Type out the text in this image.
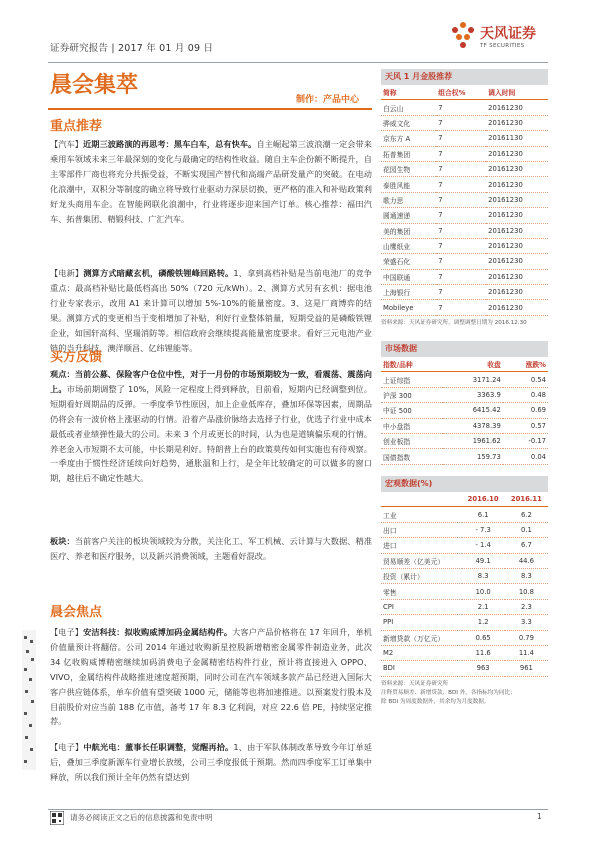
证券研究报告 | 2017 年 01 月 09 日
天风证券
TF SECURITIES
晨会集萃
制作：产品中心
重点推荐
【汽车】近期三波路演的再思考：黑车白车，总有快车。自主崛起第三波浪潮一定会带来乘用车领域未来三年最深刻的变化与最确定的结构性收益。随自主车企份额不断提升，自主零部件厂商也将充分共振受益，不断实现国产替代和高端产品研发量产的突破。在电动化浪潮中，双积分等制度的确立将导致行业驱动力深层切换，更严格的准入和补贴政策利好龙头商用车企。在智能网联化浪潮中，行业将逐步迎来国产订单。核心推荐：福田汽车、拓普集团、精锻科技、广汇汽车。
【电新】测算方式暗藏玄机，磷酸铁锂峰回路转。1、拿到高档补贴是当前电池厂的竞争重点：最高档补贴比最低档高出 50%（720 元/kWh）。2、测算方式另有玄机：据电池行业专家表示，改用 A1 来计算可以增加 5%-10%的能量密度。3、这是厂商博弈的结果。测算方式的变更相当于变相增加了补贴，利好行业整体销量，短期受益的是磷酸铁锂企业，如国轩高科、坚瑞消防等。相信政府会继续提高能量密度要求。看好三元电池产业链的当升科技、澳洋顺昌、亿纬锂能等。
买方反馈
观点：当前公募、保险客户仓位中性，对于一月份的市场预期较为一致，看震荡、震荡向上。市场前期调整了 10%，风险一定程度上得到释放，目前看，短期内已经调整到位。短期看好周期品的反弹。一季度季节性原因，加上企业低库存，叠加环保等因素，周期品仍将会有一波价格上涨驱动的行情。沿着产品涨价脉络去选择子行业，优选子行业中成本最低或者业绩弹性最大的公司。未来 3 个月或更长的时间，认为也是道镇偏乐观的行情。养老金入市短期不太可能，中长期是利好。特朗普上台的政策莫传如何实施也有待观察。一季度由于惯性经济延续向好趋势，通胀温和上行，是全年比较确定的可以做多的窗口期，越往后不确定性越大。
板块：当前客户关注的板块领域较为分散，关注化工、军工机械、云计算与大数据、精准医疗、养老和医疗服务，以及新兴消费领域，主题看好混改。
晨会焦点
【电子】安洁科技：拟收购威博加码金属结构件。大客户产品价格将在 17 年回升，单机价值量预计将翻倍。公司 2014 年通过收购新星控股新增精密金属零件制造业务，此次 34 亿收购威博精密继续加码消费电子金属精密结构件行业，预计将直接进入 OPPO、VIVO，金属结构件战略推进速度超预期，同时公司在汽车领域多款产品已经进入国际大客户供应链体系，单车价值有望突破 1000 元，储能等也将加速推进。以预案发行股本及目前股价对应当前 188 亿市值，备考 17 年 8.3 亿利润，对应 22.6 倍 PE，持续坚定推荐。
【电子】中航光电：董事长任职调整，觉醒再拾。1、由于军队体制改革导致今年订单延后，叠加三季度新源车行业增长放缓，公司三季度报低于预期。然而四季度军工订单集中释放，所以我们预计全年仍然有望达到
天风 1 月金股推荐
简称	组合权%	调入时间
白云山	7	20161230
骅威文化	7	20161230
京东方 A	7	20161130
拓普集团	7	20161230
花园生物	7	20161230
泰胜风能	7	20161230
歌力思	7	20161230
圆通速递	7	20161230
美的集团	7	20161230
山鹰纸业	7	20161230
荣盛石化	7	20161230
中国联通	7	20161230
上海银行	7	20161230
Mobileye	7	20161230
资料来源：天风证券研究所，调整调整日期为 2016.12.30
市场数据
指数/品种	收盘	涨跌%
上证综指	3171.24	0.54
沪深 300	3363.9	0.48
中证 500	6415.42	0.69
中小盘指	4378.39	0.57
创业板指	1961.62	-0.17
国债指数	159.73	0.04
宏观数据(%)
	2016.10	2016.11
工业	6.1	6.2
出口	- 7.3	0.1
进口	- 1.4	6.7
贸易顺差（亿美元）	49.1	44.6
投资（累计）	8.3	8.3
零售	10.0	10.8
CPI	2.1	2.3
PPI	1.2	3.3
新增贷款（万亿元）	0.65	0.79
M2	11.6	11.4
BDI	963	961
资料来源：天风证券研究所
注释贸易顺差、新增贷款、BDI 外，各指标均为同比；
除 BDI 为周度数据外，其余均为月度数据。
请务必阅读正文之后的信息披露和免责申明	1
